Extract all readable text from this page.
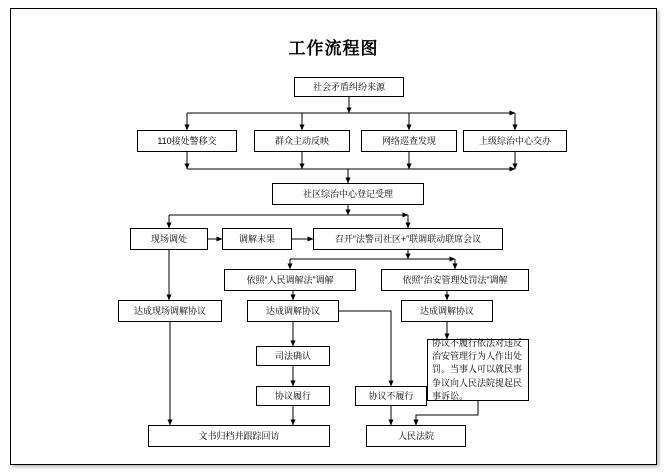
工作流程图
社会矛盾纠纷来源
110接处警移交	群众主动反映	网络巡查发现	上级综治中心交办
社区综治中心登记受理
现场调处	调解未果	召开“法警司社区+”联调联动联席会议
依照“人民调解法”调解	依照“治安管理处罚法”调解
达成现场调解协议	达成调解协议	达成调解协议
司法确认
协议不履行依法对违反治安管理行为人作出处罚。当事人可以就民事争议向人民法院提起民事诉讼。
协议履行	协议不履行
文书归档并跟踪回访	人民法院
